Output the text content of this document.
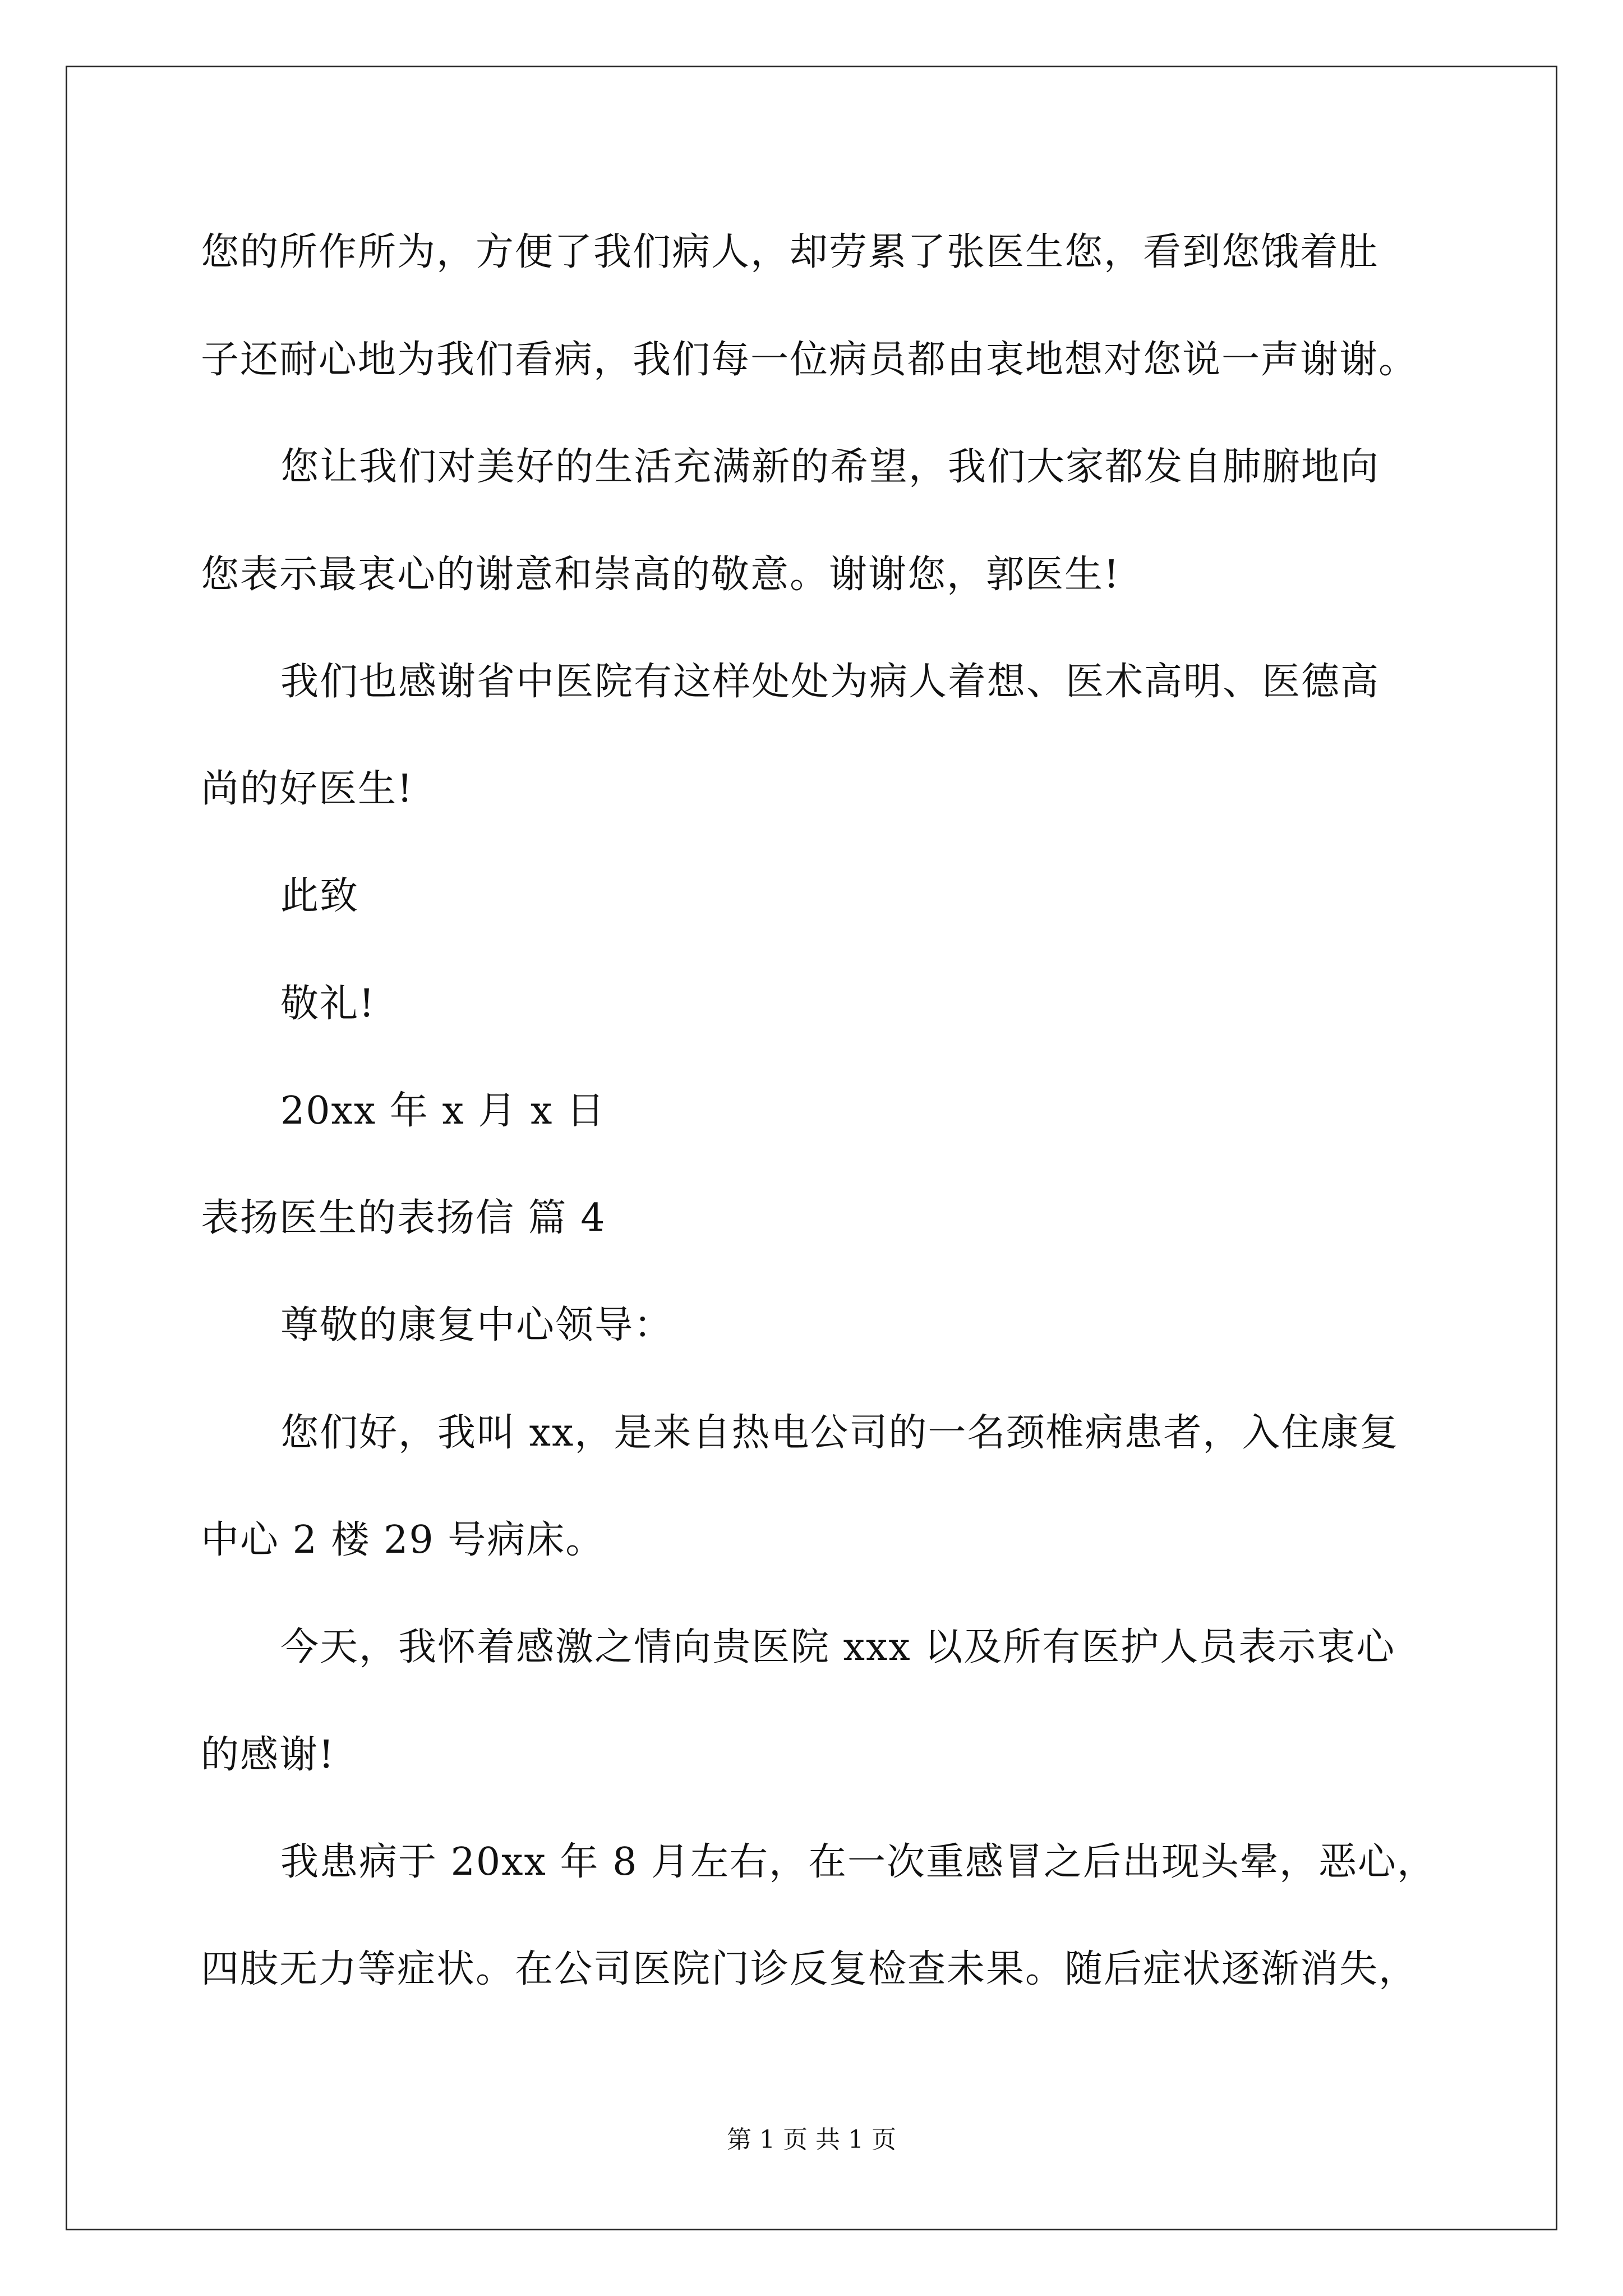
您的所作所为，方便了我们病人，却劳累了张医生您，看到您饿着肚
子还耐心地为我们看病，我们每一位病员都由衷地想对您说一声谢谢。
您让我们对美好的生活充满新的希望，我们大家都发自肺腑地向
您表示最衷心的谢意和崇高的敬意。谢谢您，郭医生!
我们也感谢省中医院有这样处处为病人着想、医术高明、医德高
尚的好医生!
此致
敬礼!
20xx 年 x 月 x 日
表扬医生的表扬信 篇 4
尊敬的康复中心领导：
您们好，我叫 xx，是来自热电公司的一名颈椎病患者，入住康复
中心 2 楼 29 号病床。
今天，我怀着感激之情向贵医院 xxx 以及所有医护人员表示衷心
的感谢!
我患病于 20xx 年 8 月左右，在一次重感冒之后出现头晕，恶心，
四肢无力等症状。在公司医院门诊反复检查未果。随后症状逐渐消失，
第 1 页 共 1 页
